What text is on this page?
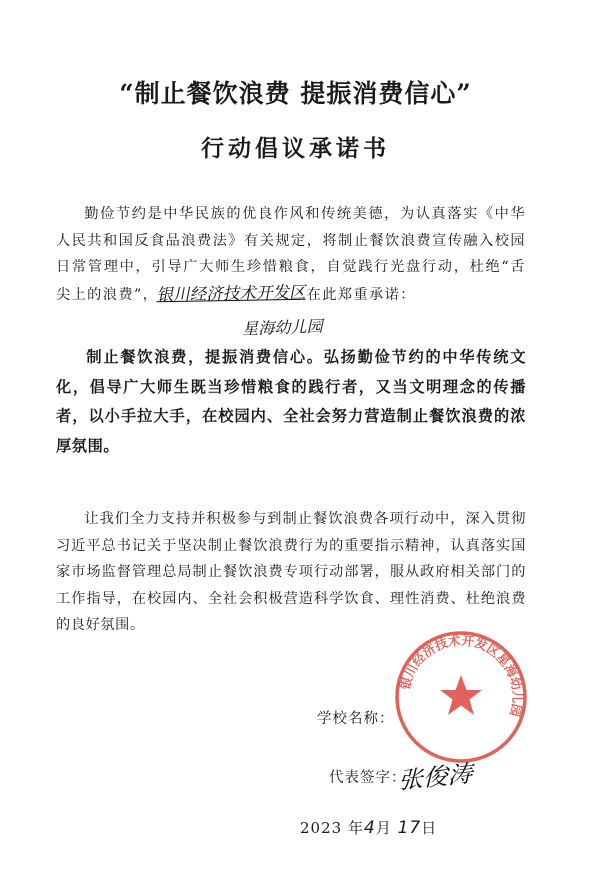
“制止餐饮浪费 提振消费信心”
行动倡议承诺书
勤俭节约是中华民族的优良作风和传统美德，为认真落实《中华人民共和国反食品浪费法》有关规定，将制止餐饮浪费宣传融入校园日常管理中，引导广大师生珍惜粮食，自觉践行光盘行动，杜绝“舌尖上的浪费”，银川经济技术开发区在此郑重承诺：
星海幼儿园
制止餐饮浪费，提振消费信心。弘扬勤俭节约的中华传统文化，倡导广大师生既当珍惜粮食的践行者，又当文明理念的传播者，以小手拉大手，在校园内、全社会努力营造制止餐饮浪费的浓厚氛围。
让我们全力支持并积极参与到制止餐饮浪费各项行动中，深入贯彻习近平总书记关于坚决制止餐饮浪费行为的重要指示精神，认真落实国家市场监督管理总局制止餐饮浪费专项行动部署，服从政府相关部门的工作指导，在校园内、全社会积极营造科学饮食、理性消费、杜绝浪费的良好氛围。
银川经济技术开发区星海幼儿园
学校名称：
代表签字：
张俊涛
2023 年4月 17日
